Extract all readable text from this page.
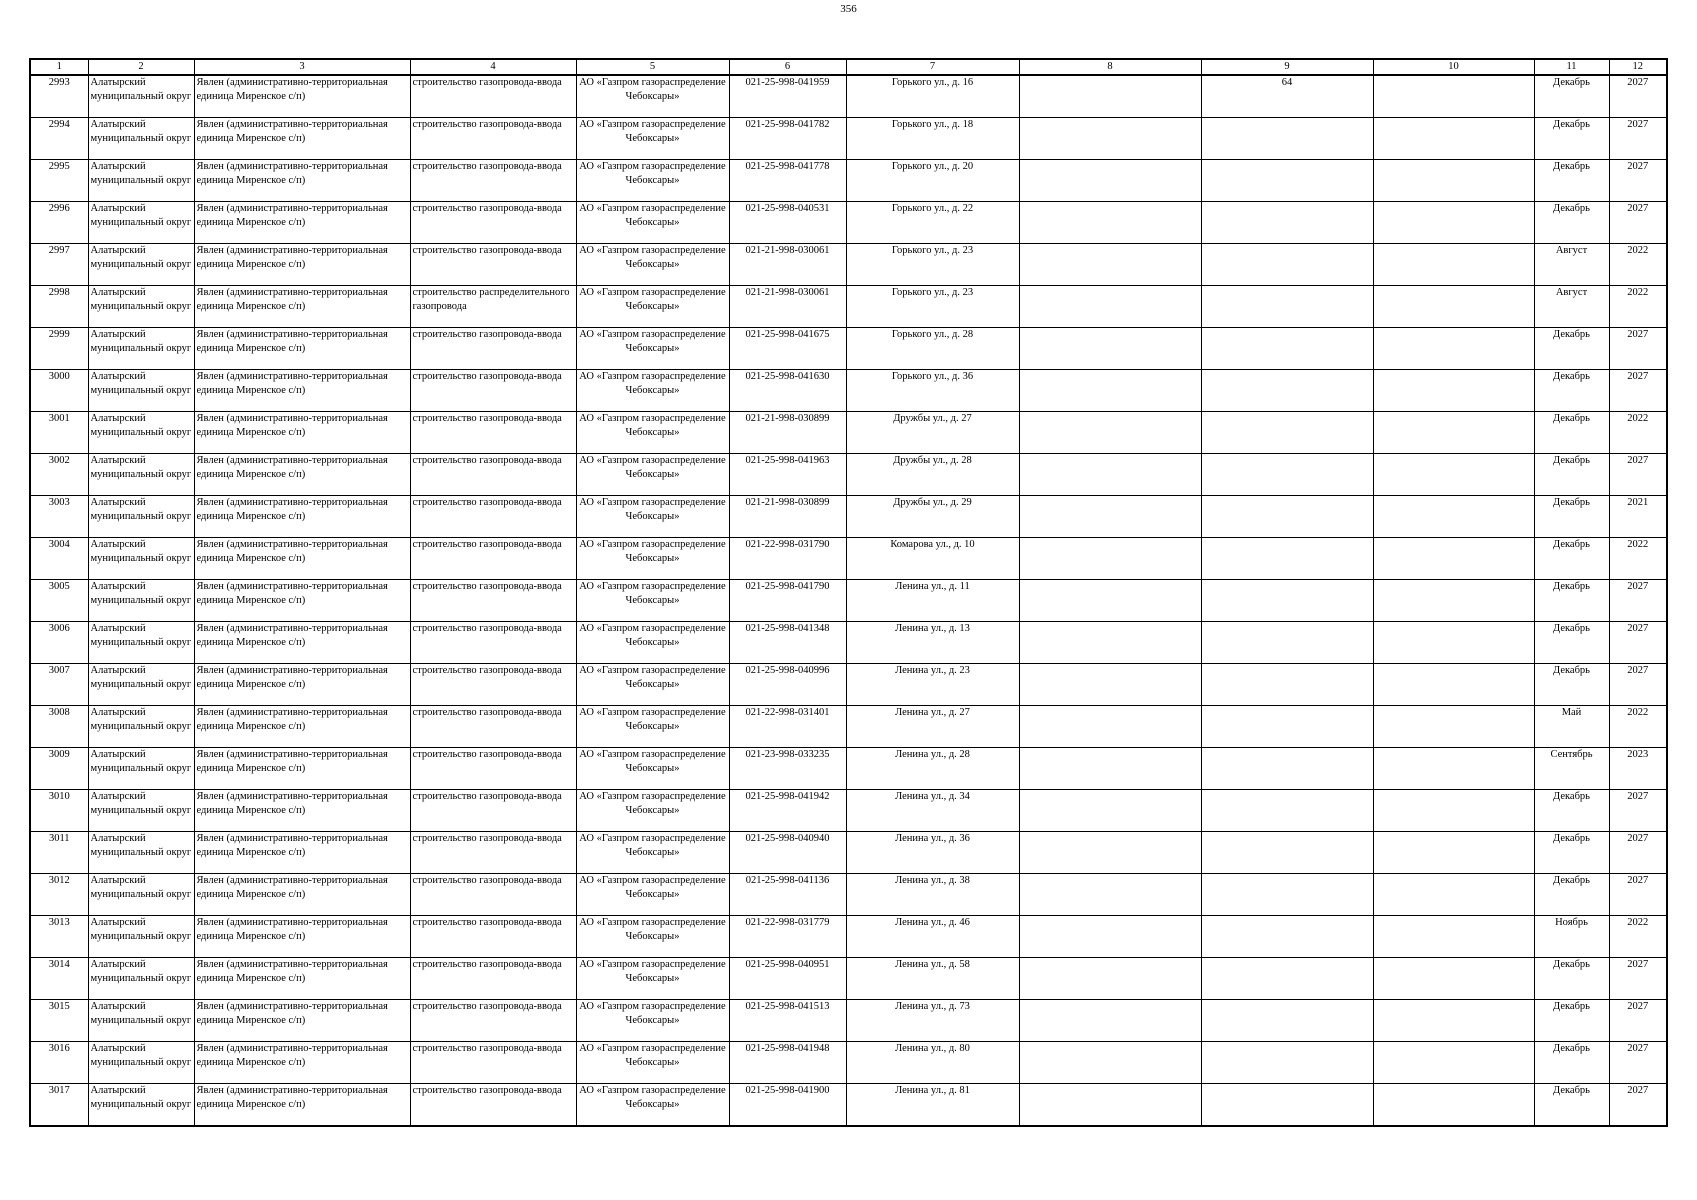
356
1	2	3	4	5	6	7	8	9	10	11	12

2993	Алатырский муниципальный округ	Явлен (административно-территориальная единица Миренское с/п)	строительство газопровода-ввода	АО «Газпром газораспределение Чебоксары»	021-25-998-041959	Горького ул., д. 16		64		Декабрь	2027

2994	Алатырский муниципальный округ	Явлен (административно-территориальная единица Миренское с/п)	строительство газопровода-ввода	АО «Газпром газораспределение Чебоксары»	021-25-998-041782	Горького ул., д. 18				Декабрь	2027

2995	Алатырский муниципальный округ	Явлен (административно-территориальная единица Миренское с/п)	строительство газопровода-ввода	АО «Газпром газораспределение Чебоксары»	021-25-998-041778	Горького ул., д. 20				Декабрь	2027

2996	Алатырский муниципальный округ	Явлен (административно-территориальная единица Миренское с/п)	строительство газопровода-ввода	АО «Газпром газораспределение Чебоксары»	021-25-998-040531	Горького ул., д. 22				Декабрь	2027

2997	Алатырский муниципальный округ	Явлен (административно-территориальная единица Миренское с/п)	строительство газопровода-ввода	АО «Газпром газораспределение Чебоксары»	021-21-998-030061	Горького ул., д. 23				Август	2022

2998	Алатырский муниципальный округ	Явлен (административно-территориальная единица Миренское с/п)	строительство распределительного газопровода	АО «Газпром газораспределение Чебоксары»	021-21-998-030061	Горького ул., д. 23				Август	2022

2999	Алатырский муниципальный округ	Явлен (административно-территориальная единица Миренское с/п)	строительство газопровода-ввода	АО «Газпром газораспределение Чебоксары»	021-25-998-041675	Горького ул., д. 28				Декабрь	2027

3000	Алатырский муниципальный округ	Явлен (административно-территориальная единица Миренское с/п)	строительство газопровода-ввода	АО «Газпром газораспределение Чебоксары»	021-25-998-041630	Горького ул., д. 36				Декабрь	2027

3001	Алатырский муниципальный округ	Явлен (административно-территориальная единица Миренское с/п)	строительство газопровода-ввода	АО «Газпром газораспределение Чебоксары»	021-21-998-030899	Дружбы ул., д. 27				Декабрь	2022

3002	Алатырский муниципальный округ	Явлен (административно-территориальная единица Миренское с/п)	строительство газопровода-ввода	АО «Газпром газораспределение Чебоксары»	021-25-998-041963	Дружбы ул., д. 28				Декабрь	2027

3003	Алатырский муниципальный округ	Явлен (административно-территориальная единица Миренское с/п)	строительство газопровода-ввода	АО «Газпром газораспределение Чебоксары»	021-21-998-030899	Дружбы ул., д. 29				Декабрь	2021

3004	Алатырский муниципальный округ	Явлен (административно-территориальная единица Миренское с/п)	строительство газопровода-ввода	АО «Газпром газораспределение Чебоксары»	021-22-998-031790	Комарова ул., д. 10				Декабрь	2022

3005	Алатырский муниципальный округ	Явлен (административно-территориальная единица Миренское с/п)	строительство газопровода-ввода	АО «Газпром газораспределение Чебоксары»	021-25-998-041790	Ленина ул., д. 11				Декабрь	2027

3006	Алатырский муниципальный округ	Явлен (административно-территориальная единица Миренское с/п)	строительство газопровода-ввода	АО «Газпром газораспределение Чебоксары»	021-25-998-041348	Ленина ул., д. 13				Декабрь	2027

3007	Алатырский муниципальный округ	Явлен (административно-территориальная единица Миренское с/п)	строительство газопровода-ввода	АО «Газпром газораспределение Чебоксары»	021-25-998-040996	Ленина ул., д. 23				Декабрь	2027

3008	Алатырский муниципальный округ	Явлен (административно-территориальная единица Миренское с/п)	строительство газопровода-ввода	АО «Газпром газораспределение Чебоксары»	021-22-998-031401	Ленина ул., д. 27				Май	2022

3009	Алатырский муниципальный округ	Явлен (административно-территориальная единица Миренское с/п)	строительство газопровода-ввода	АО «Газпром газораспределение Чебоксары»	021-23-998-033235	Ленина ул., д. 28				Сентябрь	2023

3010	Алатырский муниципальный округ	Явлен (административно-территориальная единица Миренское с/п)	строительство газопровода-ввода	АО «Газпром газораспределение Чебоксары»	021-25-998-041942	Ленина ул., д. 34				Декабрь	2027

3011	Алатырский муниципальный округ	Явлен (административно-территориальная единица Миренское с/п)	строительство газопровода-ввода	АО «Газпром газораспределение Чебоксары»	021-25-998-040940	Ленина ул., д. 36				Декабрь	2027

3012	Алатырский муниципальный округ	Явлен (административно-территориальная единица Миренское с/п)	строительство газопровода-ввода	АО «Газпром газораспределение Чебоксары»	021-25-998-041136	Ленина ул., д. 38				Декабрь	2027

3013	Алатырский муниципальный округ	Явлен (административно-территориальная единица Миренское с/п)	строительство газопровода-ввода	АО «Газпром газораспределение Чебоксары»	021-22-998-031779	Ленина ул., д. 46				Ноябрь	2022

3014	Алатырский муниципальный округ	Явлен (административно-территориальная единица Миренское с/п)	строительство газопровода-ввода	АО «Газпром газораспределение Чебоксары»	021-25-998-040951	Ленина ул., д. 58				Декабрь	2027

3015	Алатырский муниципальный округ	Явлен (административно-территориальная единица Миренское с/п)	строительство газопровода-ввода	АО «Газпром газораспределение Чебоксары»	021-25-998-041513	Ленина ул., д. 73				Декабрь	2027

3016	Алатырский муниципальный округ	Явлен (административно-территориальная единица Миренское с/п)	строительство газопровода-ввода	АО «Газпром газораспределение Чебоксары»	021-25-998-041948	Ленина ул., д. 80				Декабрь	2027

3017	Алатырский муниципальный округ	Явлен (административно-территориальная единица Миренское с/п)	строительство газопровода-ввода	АО «Газпром газораспределение Чебоксары»	021-25-998-041900	Ленина ул., д. 81				Декабрь	2027
